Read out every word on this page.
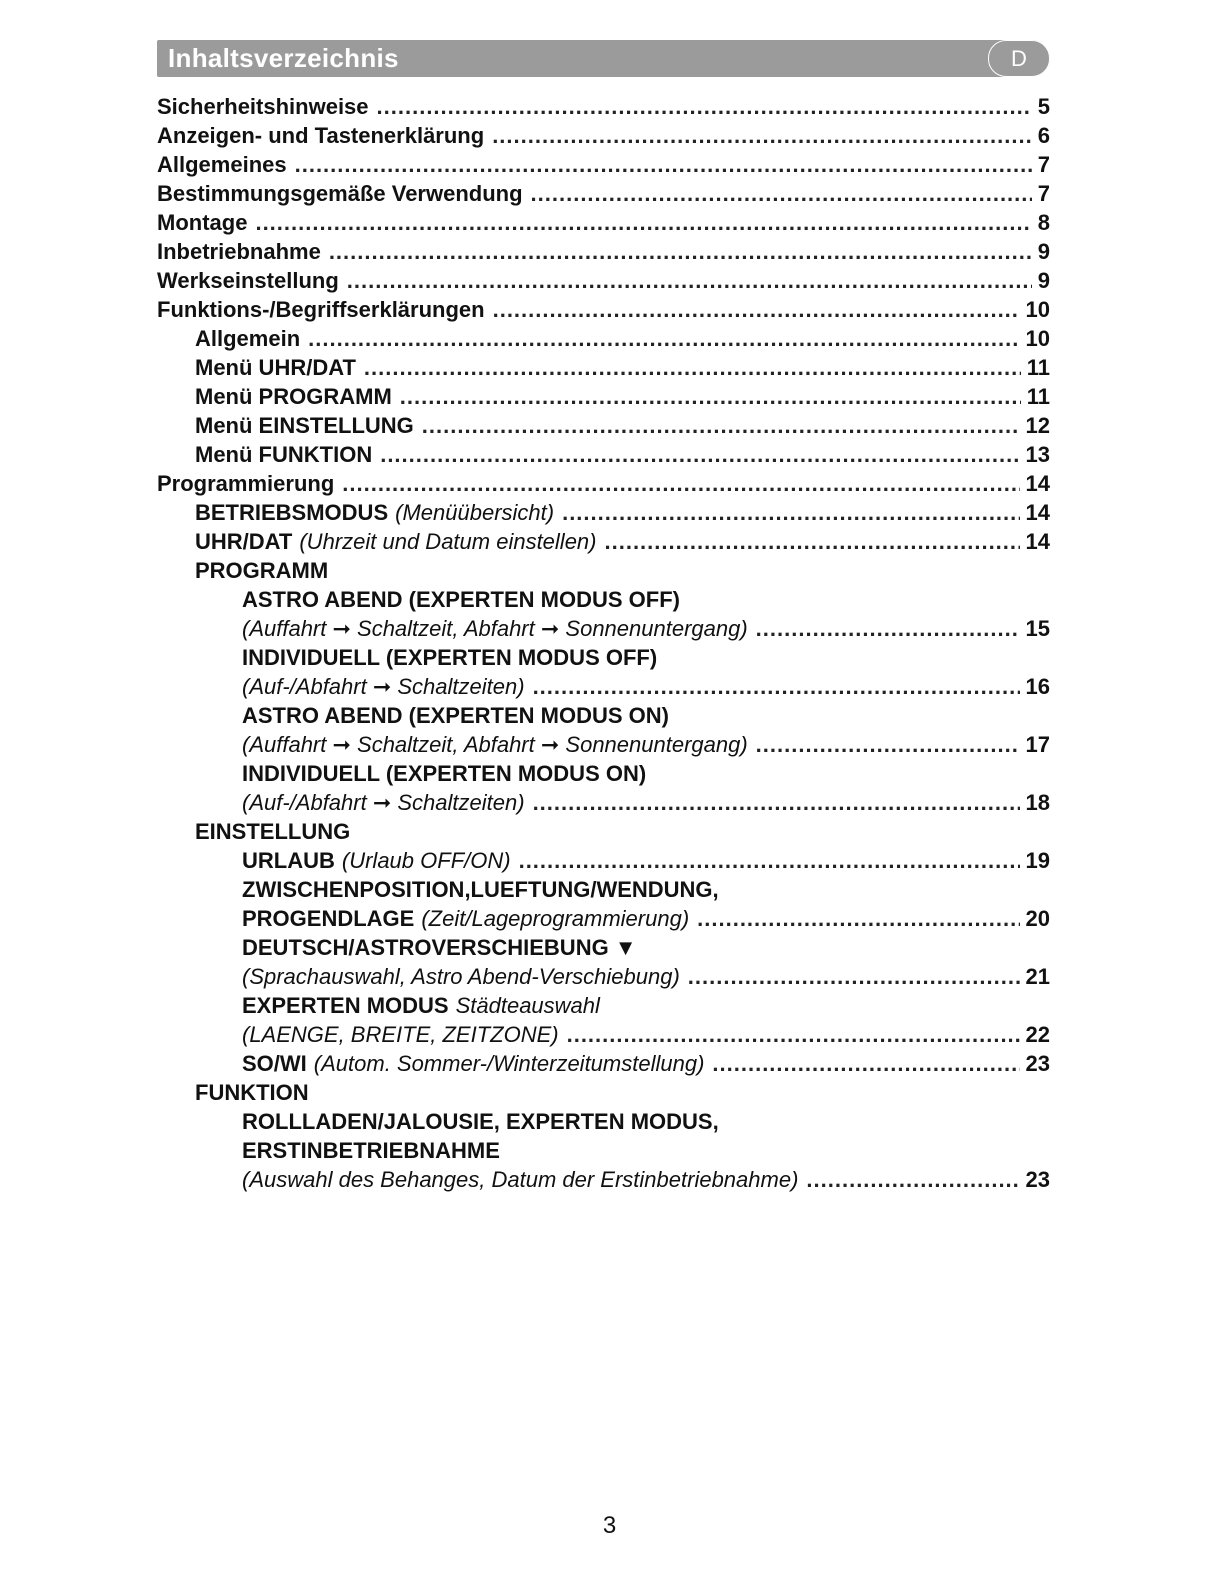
Inhaltsverzeichnis	D
Sicherheitshinweise .....	5
Anzeigen- und Tastenerklärung .....	6
Allgemeines .....	7
Bestimmungsgemäße Verwendung .....	7
Montage .....	8
Inbetriebnahme .....	9
Werkseinstellung .....	9
Funktions-/Begriffserklärungen .....	10
Allgemein .....	10
Menü UHR/DAT .....	11
Menü PROGRAMM .....	11
Menü EINSTELLUNG .....	12
Menü FUNKTION .....	13
Programmierung .....	14
BETRIEBSMODUS (Menüübersicht) .....	14
UHR/DAT (Uhrzeit und Datum einstellen) .....	14
PROGRAMM
ASTRO ABEND (EXPERTEN MODUS OFF)
(Auffahrt ➞ Schaltzeit, Abfahrt ➞ Sonnenuntergang) .....	15
INDIVIDUELL (EXPERTEN MODUS OFF)
(Auf-/Abfahrt ➞ Schaltzeiten) .....	16
ASTRO ABEND (EXPERTEN MODUS ON)
(Auffahrt ➞ Schaltzeit, Abfahrt ➞ Sonnenuntergang) .....	17
INDIVIDUELL (EXPERTEN MODUS ON)
(Auf-/Abfahrt ➞ Schaltzeiten) .....	18
EINSTELLUNG
URLAUB (Urlaub OFF/ON) .....	19
ZWISCHENPOSITION,LUEFTUNG/WENDUNG,
PROGENDLAGE (Zeit/Lageprogrammierung) .....	20
DEUTSCH/ASTROVERSCHIEBUNG ▼
(Sprachauswahl, Astro Abend-Verschiebung) .....	21
EXPERTEN MODUS Städteauswahl
(LAENGE, BREITE, ZEITZONE) .....	22
SO/WI (Autom. Sommer-/Winterzeitumstellung) .....	23
FUNKTION
ROLLLADEN/JALOUSIE, EXPERTEN MODUS,
ERSTINBETRIEBNAHME
(Auswahl des Behanges, Datum der Erstinbetriebnahme) .....	23
3
